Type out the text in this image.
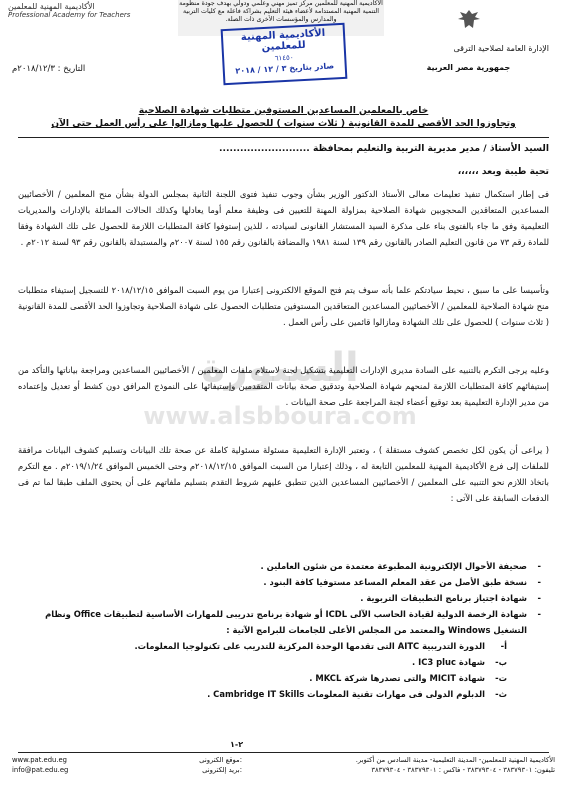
جمهورية مصر العربية
الأكاديمية المهنية للمعلمين مركز تميز مهني وعلمي ودولي بهدف جودة منظومة التنمية المهنية المستدامة لأعضاء هيئة التعليم بشراكة فاعلة مع كليات التربية والمدارس والمؤسسات الأخرى ذات الصلة.
الأكاديمية المهنية للمعلمين
Professional Academy for Teachers
الإدارة العامة لصلاحية الترقى
التاريخ : ٢٠١٨/١٢/٣م
الأكاديمية المهنية للمعلمين
٦١٤٥٠
صادر بتاريخ ٣ / ١٢ / ٢٠١٨
خاص بالمعلمين المساعدين المستوفين متطلبات شهادة الصلاحية
وتجاوزوا الحد الأقصى للمدة القانونية ( ثلاث سنوات ) للحصول عليها ومازالوا على رأس العمل حتى الآن
السيد الأستاذ / مدير مديرية التربية والتعليم بمحافظة ..........................
تحية طيبة وبعد ،،،،،،
فى إطار استكمال تنفيذ تعليمات معالى الأستاذ الدكتور الوزير بشأن وجوب تنفيذ فتوى اللجنة الثانية بمجلس الدولة بشأن منح المعلمين / الأخصائيين المساعدين المتعاقدين المحجوبين شهادة الصلاحية بمزاولة المهنة للتعيين فى وظيفة معلم أوما يعادلها وكذلك الحالات المماثلة بالإدارات والمديريات التعليمية وفق ما جاء بالفتوى بناء على مذكرة السيد المستشار القانونى لسيادته ، للذين إستوفوا كافة المتطلبات اللازمة للحصول على تلك الشهادة وفقا للمادة رقم ٧٣ من قانون التعليم الصادر بالقانون رقم ١٣٩ لسنة ١٩٨١ والمضافة بالقانون رقم ١٥٥ لسنة ٢٠٠٧م والمستبدلة بالقانون رقم ٩٣ لسنة ٢٠١٢م .
وتأسيسا على ما سبق ، نحيط سيادتكم علما بأنه سوف يتم فتح الموقع الالكترونى إعتبارا من يوم السبت الموافق ٢٠١٨/١٢/١٥ للتسجيل إستيفاء متطلبات منح شهادة الصلاحية للمعلمين / الأخصائيين المساعدين المتعاقدين المستوفين متطلبات الحصول على شهادة الصلاحية وتجاوزوا الحد الأقصى للمدة القانونية ( ثلاث سنوات ) للحصول على تلك الشهادة ومازالوا قائمين على رأس العمل .
وعليه يرجى التكرم بالتنبيه على السادة مديرى الإدارات التعليمية بتشكيل لجنة لاستلام ملفات المعلمين / الأخصائيين المساعدين ومراجعة بياناتها والتأكد من إستيفائهم كافة المتطلبات اللازمة لمنحهم شهادة الصلاحية وتدقيق صحة بيانات المتقدمين وإستيفائها على النموذج المرافق دون كشط أو تعديل وإعتماده من مدير الإدارة التعليمية بعد توقيع أعضاء لجنة المراجعة على صحة البيانات .
( يراعى أن يكون لكل تخصص كشوف مستقلة ) ، وتعتبر الإدارة التعليمية مسئولة مسئولية كاملة عن صحة تلك البيانات وتسليم كشوف البيانات مرافقة للملفات إلى فرع الأكاديمية المهنية للمعلمين التابعة له ، وذلك إعتبارا من السبت الموافق ٢٠١٨/١٢/١٥م وحتى الخميس الموافق ٢٠١٩/١/٢٤م . مع التكرم باتخاذ اللازم نحو التنبيه على المعلمين / الأخصائيين المساعدين الذين تنطبق عليهم شروط التقدم بتسليم ملفاتهم على أن يحتوى الملف طبقا لما تم فى الدفعات السابقة على الآتى :
السبورة
www.alsbboura.com
-
صحيفة الأحوال الإلكترونية المطبوعة معتمدة من شئون العاملين .
-
نسخة طبق الأصل من عقد المعلم المساعد مستوفيا كافة البنود .
-
شهادة اجتياز برنامج التطبيقات التربوية .
-
شهادة الرخصة الدولية لقيادة الحاسب الآلى ICDL أو شهادة برنامج تدريبى للمهارات الأساسية لتطبيقات Office ونظام التشغيل Windows والمعتمد من المجلس الأعلى للجامعات للبرامج الآتية :
أ-
الدورة التدريبية AITC التى تقدمها الوحدة المركزية للتدريب على تكنولوجيا المعلومات.
ب-
شهادة IC3 pluc .
ت-
شهادة MICIT والتى تصدرها شركة MKCL .
ث-
الدبلوم الدولى فى مهارات تقنية المعلومات Cambridge IT Skills .
٢-١
الأكاديمية المهنية للمعلمين- المدينة التعليمية- مدينة السادس من أكتوبر.
تليفون: ٣٨٣٧٩٣٠١ - ٣٨٣٧٩٣٠٤ - فاكس : ٣٨٣٧٩٣٠١ - ٣٨٣٧٩٣٠٤
www.pat.edu.eg	موقع الكترونى:
info@pat.edu.eg	بريد إلكترونى:
